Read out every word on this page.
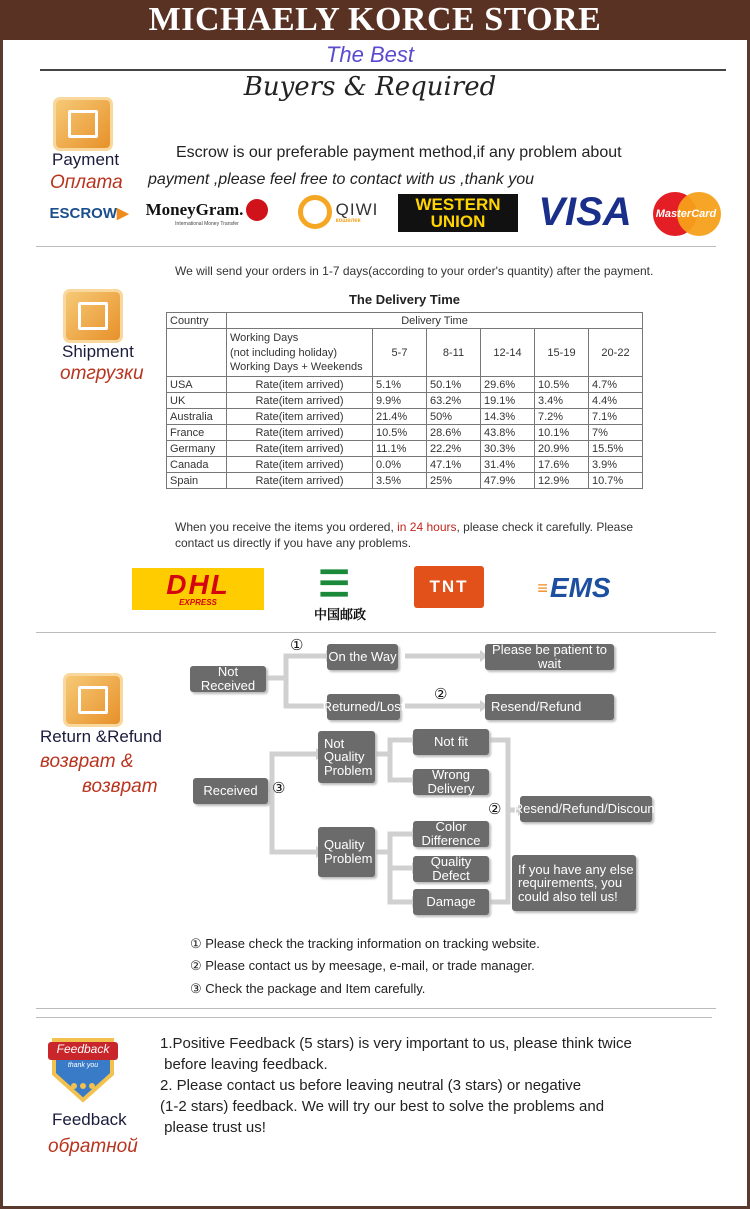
MICHAELY KORCE STORE
The Best
Buyers & Required
Payment
Оплата
Escrow is our preferable payment method,if any problem about
payment ,please feel free to contact with us ,thank you
ESCROW ▶ MoneyGram.
International Money Transfer
QIWI
кошелек
WESTERN
UNION VISA	MasterCard
We will send your orders in 1-7 days(according to your order's quantity) after the payment.
Shipment
отгрузки
The Delivery Time
Country	Delivery Time					

	Working Days
(not including holiday)
Working Days + Weekends	5-7	8-11	12-14	15-19	20-22
USA	Rate(item arrived)	5.1%	50.1%	29.6%	10.5%	4.7%
UK	Rate(item arrived)	9.9%	63.2%	19.1%	3.4%	4.4%
Australia	Rate(item arrived)	21.4%	50%	14.3%	7.2%	7.1%
France	Rate(item arrived)	10.5%	28.6%	43.8%	10.1%	7%
Germany	Rate(item arrived)	11.1%	22.2%	30.3%	20.9%	15.5%
Canada	Rate(item arrived)	0.0%	47.1%	31.4%	17.6%	3.9%
Spain	Rate(item arrived)	3.5%	25%	47.9%	12.9%	10.7%
When you receive the items you ordered, in 24 hours, please check it carefully. Please
contact us directly if you have any problems.
DHL
EXPRESS	☰
中国邮政
TNT	≡ EMS
Return &Refund
возврат &
возврат
①
②
③
②
Not Received
On the Way
Returned/Lost
Please be patient to wait
Resend/Refund
Received
Not Quality Problem
Quality Problem
Not fit
Wrong Delivery
Color Difference
Quality Defect
Damage
Resend/Refund/Discount
If you have any else requirements, you could also tell us!
① Please check the tracking information on tracking website.
② Please contact us by meesage, e-mail, or trade manager.
③ Check the package and Item carefully.
Feedback
thank you
Feedback
обратной
1.Positive Feedback (5 stars) is very important to us, please think twice
before leaving feedback.
2. Please contact us before leaving neutral (3 stars) or negative
(1-2 stars) feedback. We will try our best to solve the problems and
please trust us!
